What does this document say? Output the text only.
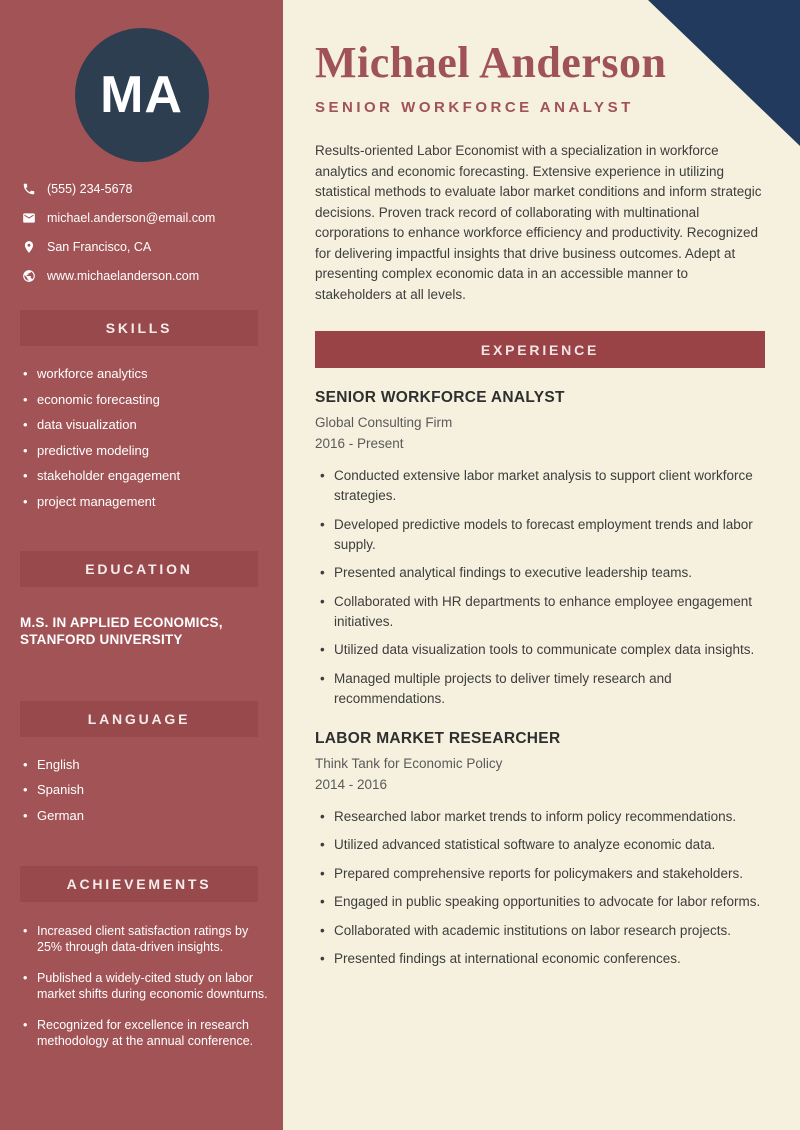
MA
(555) 234-5678
michael.anderson@email.com
San Francisco, CA
www.michaelanderson.com
SKILLS
• workforce analytics
• economic forecasting
• data visualization
• predictive modeling
• stakeholder engagement
• project management
EDUCATION
M.S. IN APPLIED ECONOMICS, STANFORD UNIVERSITY
LANGUAGE
• English
• Spanish
• German
ACHIEVEMENTS
• Increased client satisfaction ratings by 25% through data-driven insights.
• Published a widely-cited study on labor market shifts during economic downturns.
• Recognized for excellence in research methodology at the annual conference.
Michael Anderson
SENIOR WORKFORCE ANALYST

Results-oriented Labor Economist with a specialization in workforce analytics and economic forecasting. Extensive experience in utilizing statistical methods to evaluate labor market conditions and inform strategic decisions. Proven track record of collaborating with multinational corporations to enhance workforce efficiency and productivity. Recognized for delivering impactful insights that drive business outcomes. Adept at presenting complex economic data in an accessible manner to stakeholders at all levels.

EXPERIENCE
SENIOR WORKFORCE ANALYST
Global Consulting Firm
2016 - Present
• Conducted extensive labor market analysis to support client workforce strategies.
• Developed predictive models to forecast employment trends and labor supply.
• Presented analytical findings to executive leadership teams.
• Collaborated with HR departments to enhance employee engagement initiatives.
• Utilized data visualization tools to communicate complex data insights.
• Managed multiple projects to deliver timely research and recommendations.
LABOR MARKET RESEARCHER
Think Tank for Economic Policy
2014 - 2016
• Researched labor market trends to inform policy recommendations.
• Utilized advanced statistical software to analyze economic data.
• Prepared comprehensive reports for policymakers and stakeholders.
• Engaged in public speaking opportunities to advocate for labor reforms.
• Collaborated with academic institutions on labor research projects.
• Presented findings at international economic conferences.
